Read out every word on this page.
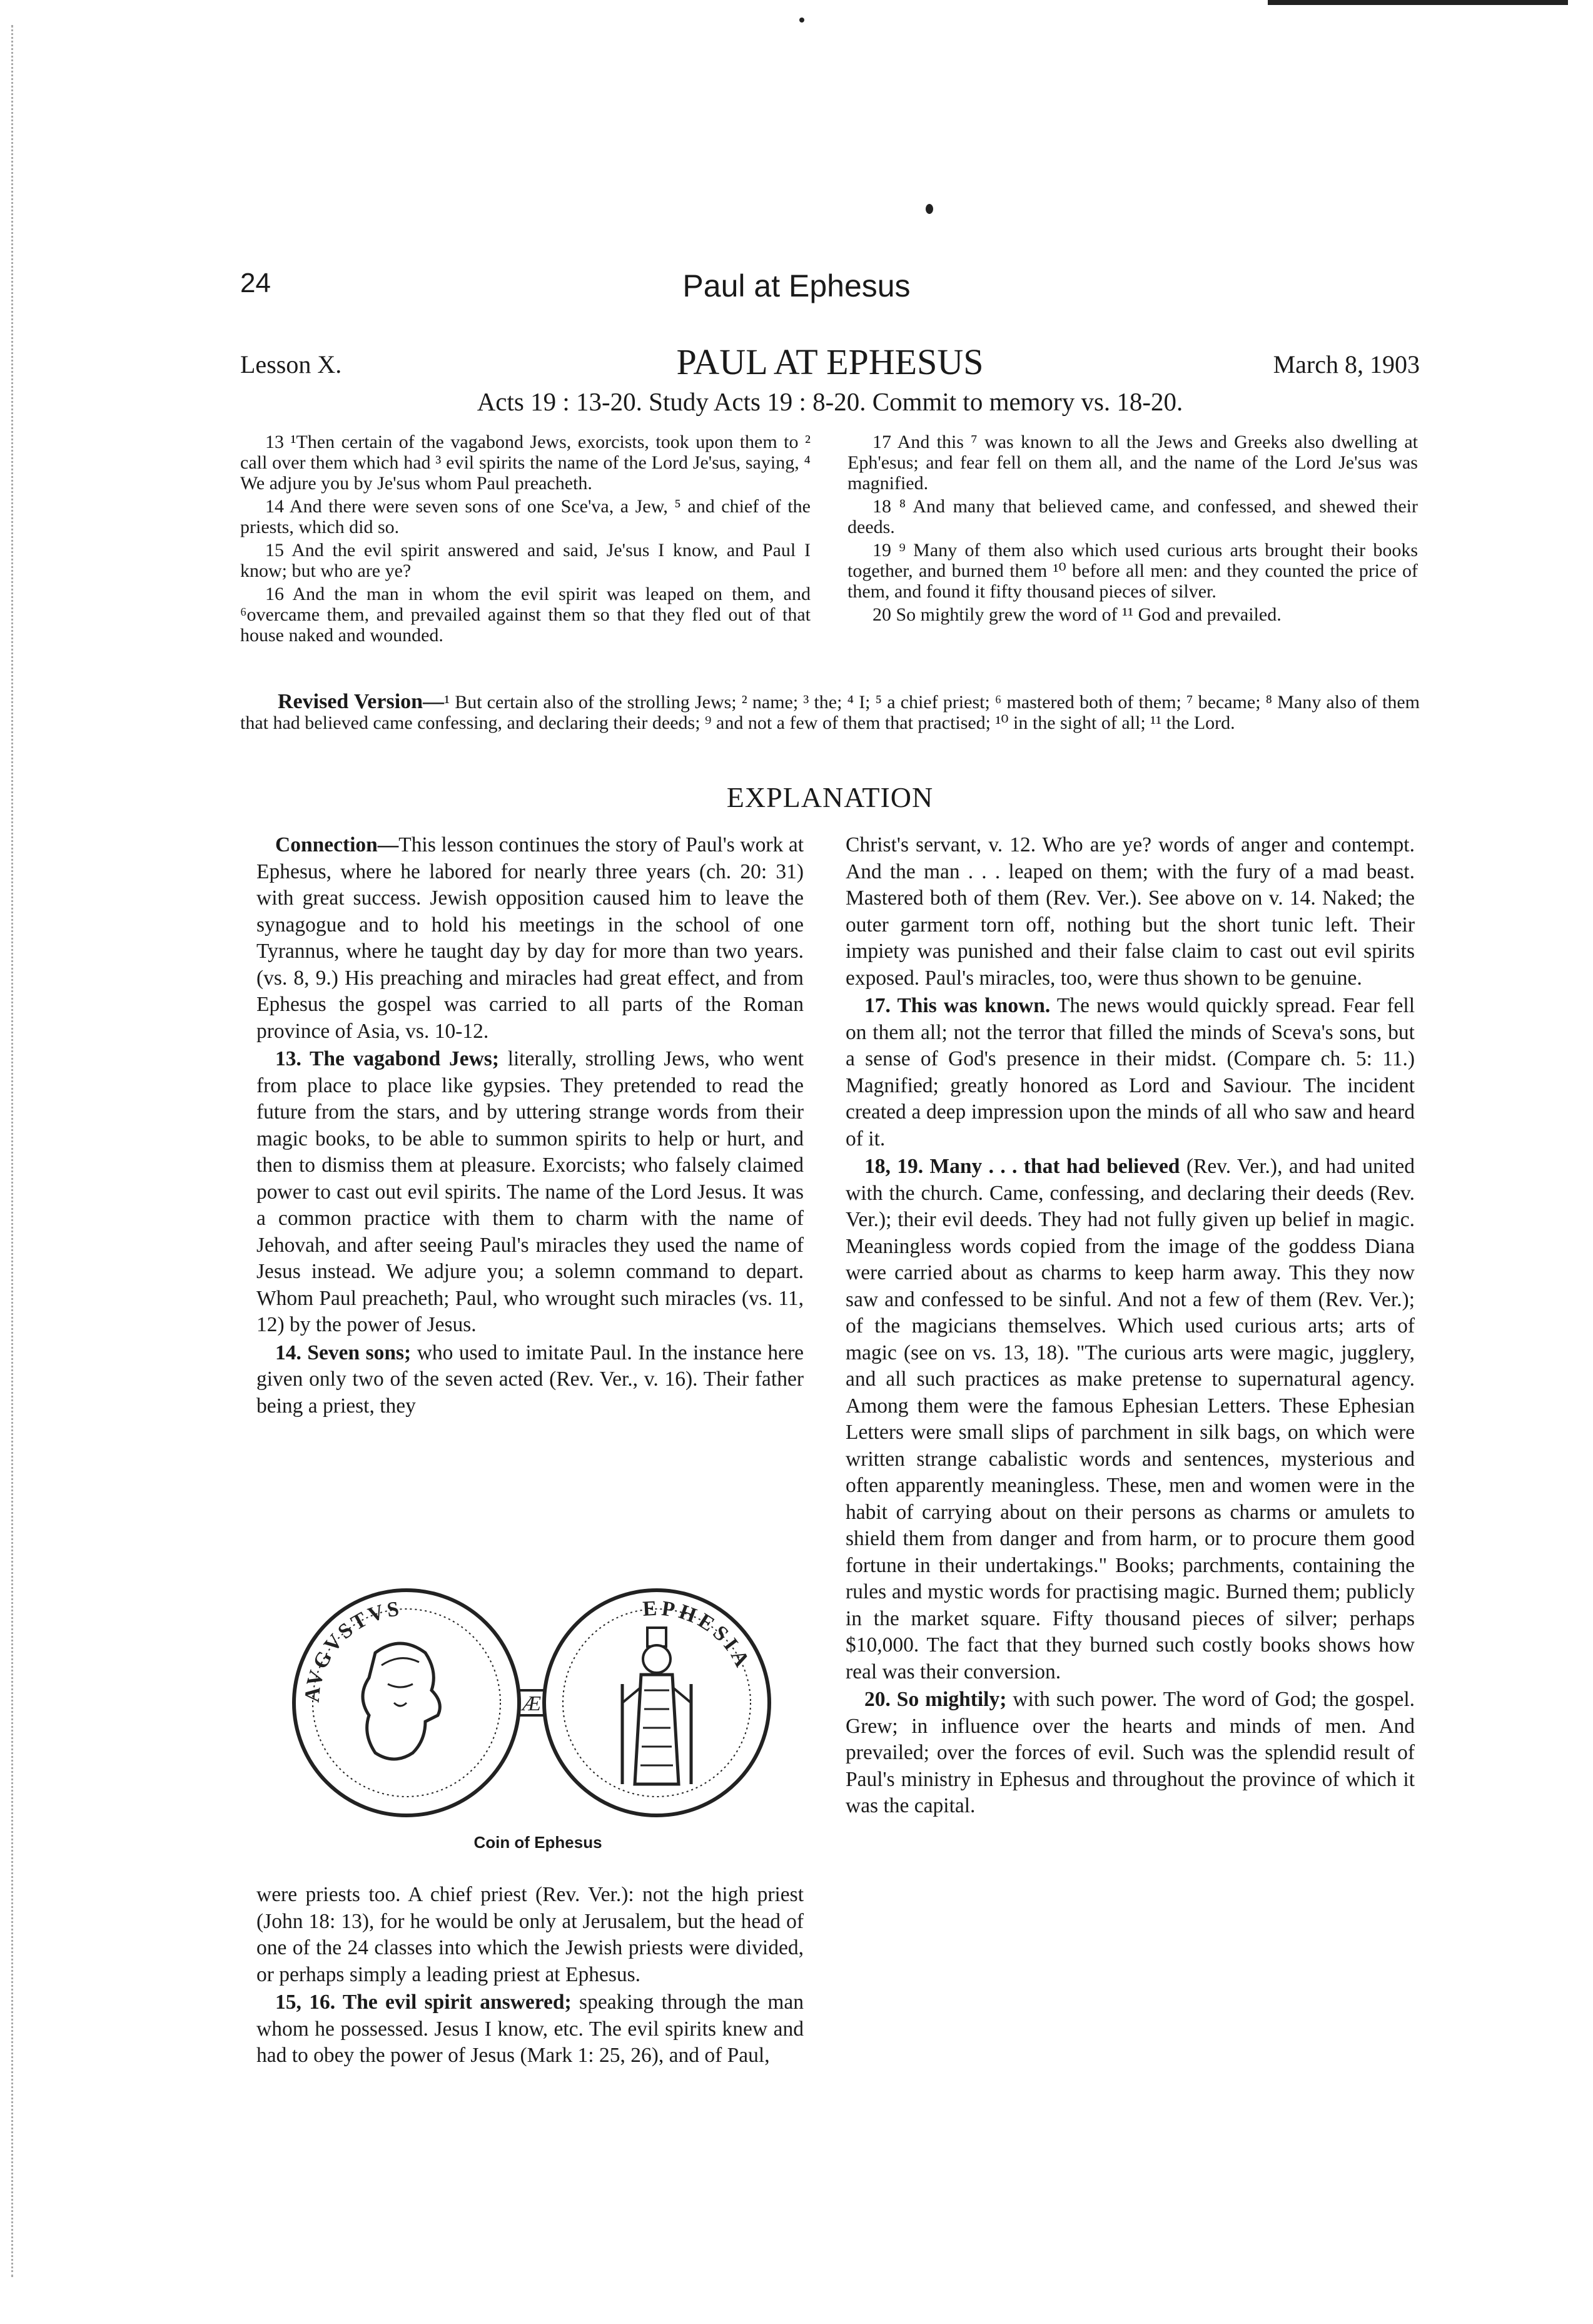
24	Paul at Ephesus
Lesson X.	PAUL AT EPHESUS	March 8, 1903
Acts 19 : 13-20. Study Acts 19 : 8-20. Commit to memory vs. 18-20.

13 ¹Then certain of the vagabond Jews, exorcists, took upon them to ² call over them which had ³ evil spirits the name of the Lord Je'sus, saying, ⁴ We adjure you by Je'sus whom Paul preacheth.

14 And there were seven sons of one Sce'va, a Jew, ⁵ and chief of the priests, which did so.

15 And the evil spirit answered and said, Je'sus I know, and Paul I know; but who are ye?

16 And the man in whom the evil spirit was leaped on them, and ⁶overcame them, and prevailed against them so that they fled out of that house naked and wounded.

17 And this ⁷ was known to all the Jews and Greeks also dwelling at Eph'esus; and fear fell on them all, and the name of the Lord Je'sus was magnified.

18 ⁸ And many that believed came, and confessed, and shewed their deeds.

19 ⁹ Many of them also which used curious arts brought their books together, and burned them ¹⁰ before all men: and they counted the price of them, and found it fifty thousand pieces of silver.

20 So mightily grew the word of ¹¹ God and prevailed.

Revised Version—¹ But certain also of the strolling Jews; ² name; ³ the; ⁴ I; ⁵ a chief priest; ⁶ mastered both of them; ⁷ became; ⁸ Many also of them that had believed came confessing, and declaring their deeds; ⁹ and not a few of them that practised; ¹⁰ in the sight of all; ¹¹ the Lord.
EXPLANATION

Connection—This lesson continues the story of Paul's work at Ephesus, where he labored for nearly three years (ch. 20: 31) with great success. Jewish opposition caused him to leave the synagogue and to hold his meetings in the school of one Tyrannus, where he taught day by day for more than two years. (vs. 8, 9.) His preaching and miracles had great effect, and from Ephesus the gospel was carried to all parts of the Roman province of Asia, vs. 10-12.

13. The vagabond Jews; literally, strolling Jews, who went from place to place like gypsies. They pretended to read the future from the stars, and by uttering strange words from their magic books, to be able to summon spirits to help or hurt, and then to dismiss them at pleasure. Exorcists; who falsely claimed power to cast out evil spirits. The name of the Lord Jesus. It was a common practice with them to charm with the name of Jehovah, and after seeing Paul's miracles they used the name of Jesus instead. We adjure you; a solemn command to depart. Whom Paul preacheth; Paul, who wrought such miracles (vs. 11, 12) by the power of Jesus.

14. Seven sons; who used to imitate Paul. In the instance here given only two of the seven acted (Rev. Ver., v. 16). Their father being a priest, they

Æ
AVGVSTVS	EPHESIA
Coin of Ephesus

were priests too. A chief priest (Rev. Ver.): not the high priest (John 18: 13), for he would be only at Jerusalem, but the head of one of the 24 classes into which the Jewish priests were divided, or perhaps simply a leading priest at Ephesus.

15, 16. The evil spirit answered; speaking through the man whom he possessed. Jesus I know, etc. The evil spirits knew and had to obey the power of Jesus (Mark 1: 25, 26), and of Paul,

Christ's servant, v. 12. Who are ye? words of anger and contempt. And the man . . . leaped on them; with the fury of a mad beast. Mastered both of them (Rev. Ver.). See above on v. 14. Naked; the outer garment torn off, nothing but the short tunic left. Their impiety was punished and their false claim to cast out evil spirits exposed. Paul's miracles, too, were thus shown to be genuine.

17. This was known. The news would quickly spread. Fear fell on them all; not the terror that filled the minds of Sceva's sons, but a sense of God's presence in their midst. (Compare ch. 5: 11.) Magnified; greatly honored as Lord and Saviour. The incident created a deep impression upon the minds of all who saw and heard of it.

18, 19. Many . . . that had believed (Rev. Ver.), and had united with the church. Came, confessing, and declaring their deeds (Rev. Ver.); their evil deeds. They had not fully given up belief in magic. Meaningless words copied from the image of the goddess Diana were carried about as charms to keep harm away. This they now saw and confessed to be sinful. And not a few of them (Rev. Ver.); of the magicians themselves. Which used curious arts; arts of magic (see on vs. 13, 18). "The curious arts were magic, jugglery, and all such practices as make pretense to supernatural agency. Among them were the famous Ephesian Letters. These Ephesian Letters were small slips of parchment in silk bags, on which were written strange cabalistic words and sentences, mysterious and often apparently meaningless. These, men and women were in the habit of carrying about on their persons as charms or amulets to shield them from danger and from harm, or to procure them good fortune in their undertakings." Books; parchments, containing the rules and mystic words for practising magic. Burned them; publicly in the market square. Fifty thousand pieces of silver; perhaps $10,000. The fact that they burned such costly books shows how real was their conversion.

20. So mightily; with such power. The word of God; the gospel. Grew; in influence over the hearts and minds of men. And prevailed; over the forces of evil. Such was the splendid result of Paul's ministry in Ephesus and throughout the province of which it was the capital.
